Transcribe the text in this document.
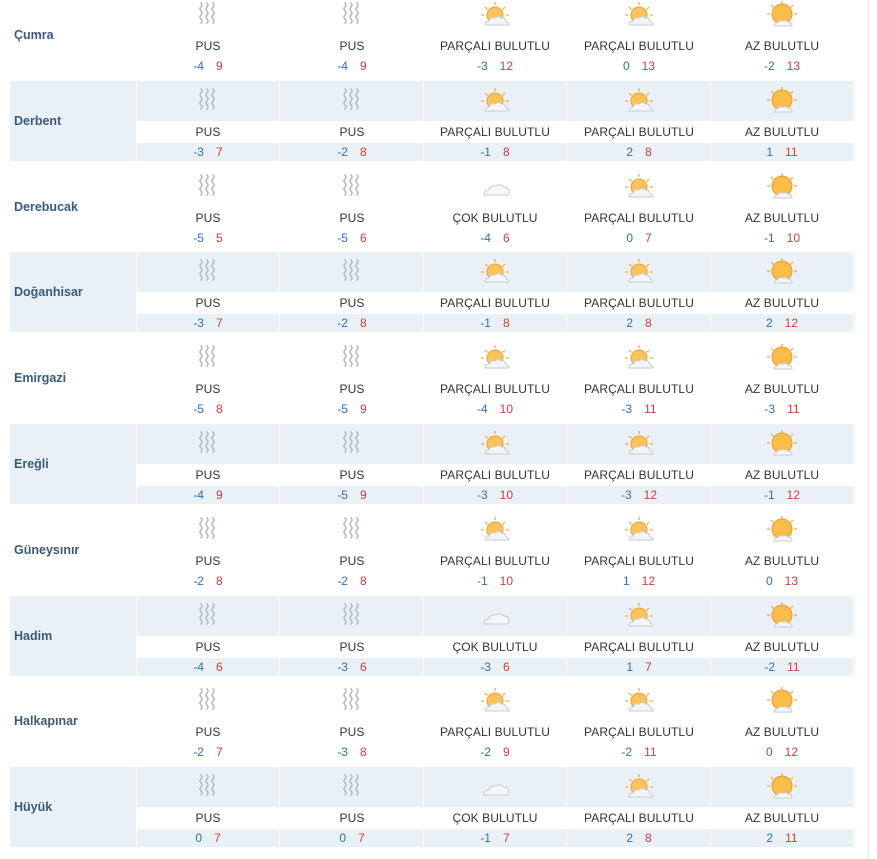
Çumra
PUS	PUS	PARÇALI BULUTLU	PARÇALI BULUTLU	AZ BULUTLU
-4 9	-4 9	-3 12	0 13	-2 13
Derbent
PUS	PUS	PARÇALI BULUTLU	PARÇALI BULUTLU	AZ BULUTLU
-3 7	-2 8	-1 8	2 8	1 11
Derebucak
PUS	PUS	ÇOK BULUTLU	PARÇALI BULUTLU	AZ BULUTLU
-5 5	-5 6	-4 6	0 7	-1 10
Doğanhisar
PUS	PUS	PARÇALI BULUTLU	PARÇALI BULUTLU	AZ BULUTLU
-3 7	-2 8	-1 8	2 8	2 12
Emirgazi
PUS	PUS	PARÇALI BULUTLU	PARÇALI BULUTLU	AZ BULUTLU
-5 8	-5 9	-4 10	-3 11	-3 11
Ereğli
PUS	PUS	PARÇALI BULUTLU	PARÇALI BULUTLU	AZ BULUTLU
-4 9	-5 9	-3 10	-3 12	-1 12
Güneysınır
PUS	PUS	PARÇALI BULUTLU	PARÇALI BULUTLU	AZ BULUTLU
-2 8	-2 8	-1 10	1 12	0 13
Hadim
PUS	PUS	ÇOK BULUTLU	PARÇALI BULUTLU	AZ BULUTLU
-4 6	-3 6	-3 6	1 7	-2 11
Halkapınar
PUS	PUS	PARÇALI BULUTLU	PARÇALI BULUTLU	AZ BULUTLU
-2 7	-3 8	-2 9	-2 11	0 12
Hüyük
PUS	PUS	ÇOK BULUTLU	PARÇALI BULUTLU	AZ BULUTLU
0 7	0 7	-1 7	2 8	2 11
